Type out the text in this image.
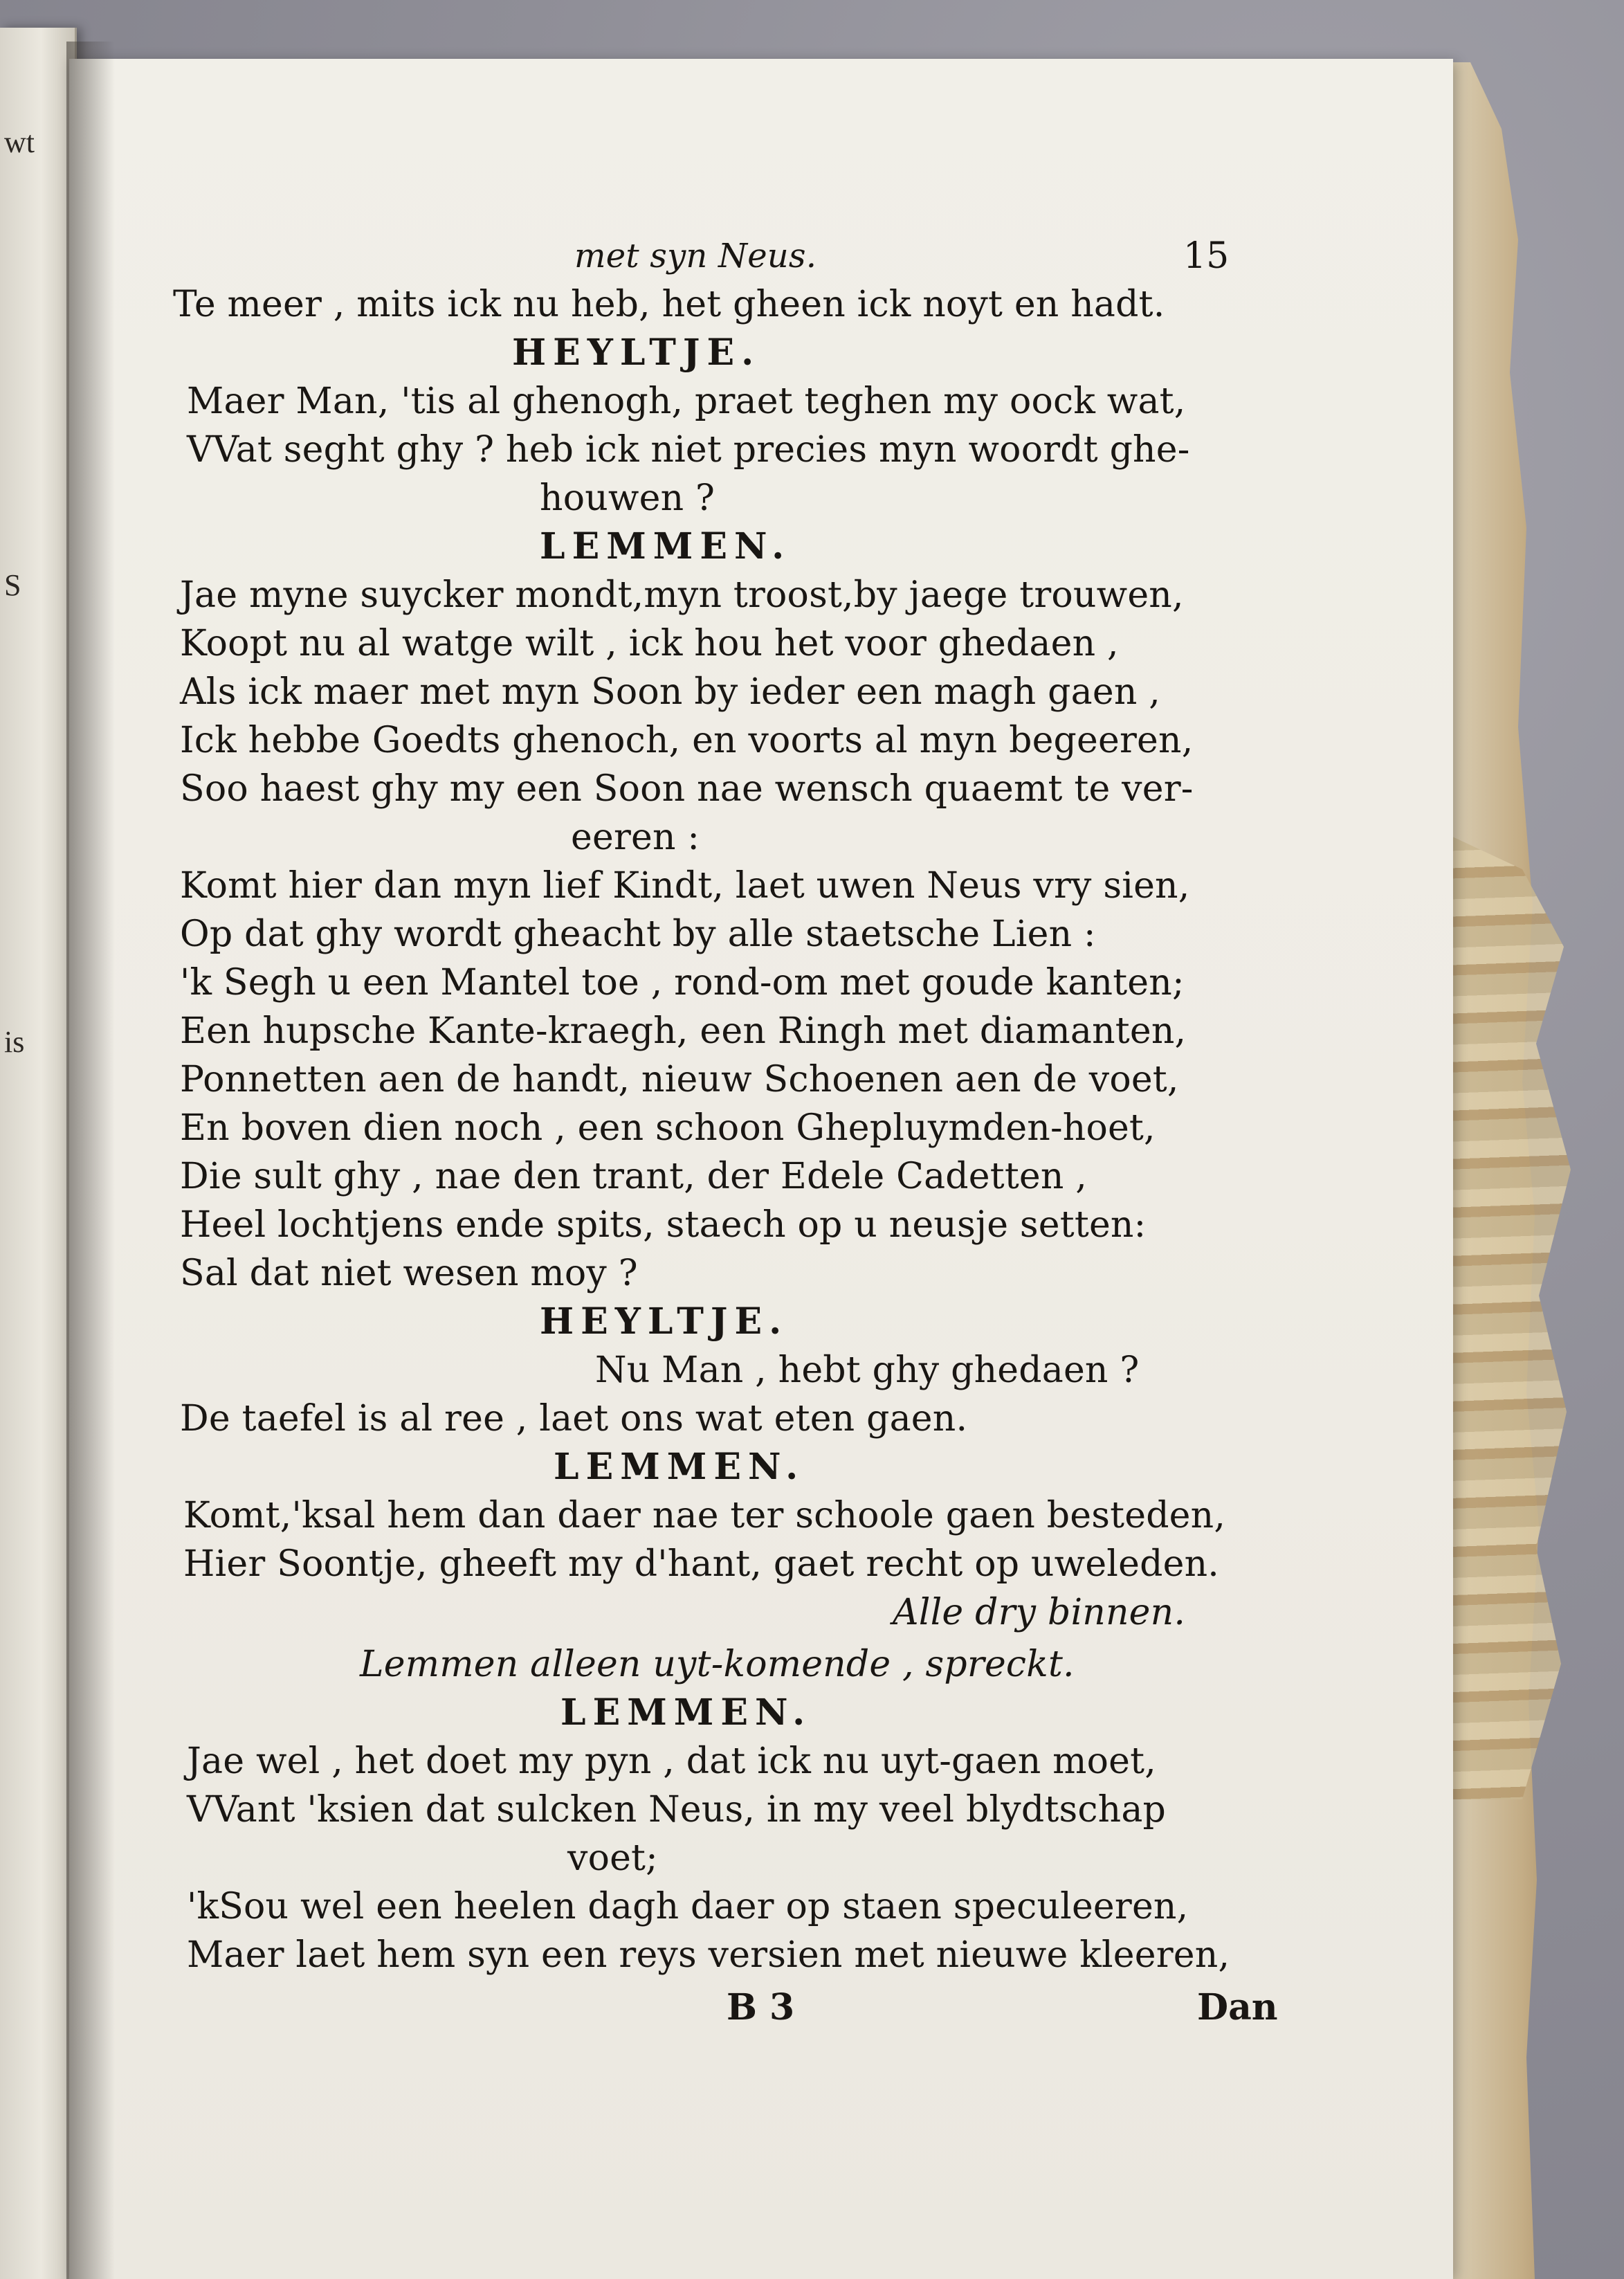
wt
S
is
met syn Neus.	15
Te meer , mits ick nu heb, het gheen ick noyt en hadt.
HEYLTJE.
Maer Man, 'tis al ghenogh, praet teghen my oock wat,
VVat seght ghy ? heb ick niet precies myn woordt ghe-
houwen ?
LEMMEN.
Jae myne suycker mondt,myn troost,by jaege trouwen,
Koopt nu al watge wilt , ick hou het voor ghedaen ,
Als ick maer met myn Soon by ieder een magh gaen ,
Ick hebbe Goedts ghenoch, en voorts al myn begeeren,
Soo haest ghy my een Soon nae wensch quaemt te ver-
eeren :
Komt hier dan myn lief Kindt, laet uwen Neus vry sien,
Op dat ghy wordt gheacht by alle staetsche Lien :
'k Segh u een Mantel toe , rond-om met goude kanten;
Een hupsche Kante-kraegh, een Ringh met diamanten,
Ponnetten aen de handt, nieuw Schoenen aen de voet,
En boven dien noch , een schoon Ghepluymden-hoet,
Die sult ghy , nae den trant, der Edele Cadetten ,
Heel lochtjens ende spits, staech op u neusje setten:
Sal dat niet wesen moy ?
HEYLTJE.
Nu Man , hebt ghy ghedaen ?
De taefel is al ree , laet ons wat eten gaen.
LEMMEN.
Komt,'ksal hem dan daer nae ter schoole gaen besteden,
Hier Soontje, gheeft my d'hant, gaet recht op uweleden.
Alle dry binnen.
Lemmen alleen uyt-komende , spreckt.
LEMMEN.
Jae wel , het doet my pyn , dat ick nu uyt-gaen moet,
VVant 'ksien dat sulcken Neus, in my veel blydtschap
voet;
'kSou wel een heelen dagh daer op staen speculeeren,
Maer laet hem syn een reys versien met nieuwe kleeren,
B 3	Dan
